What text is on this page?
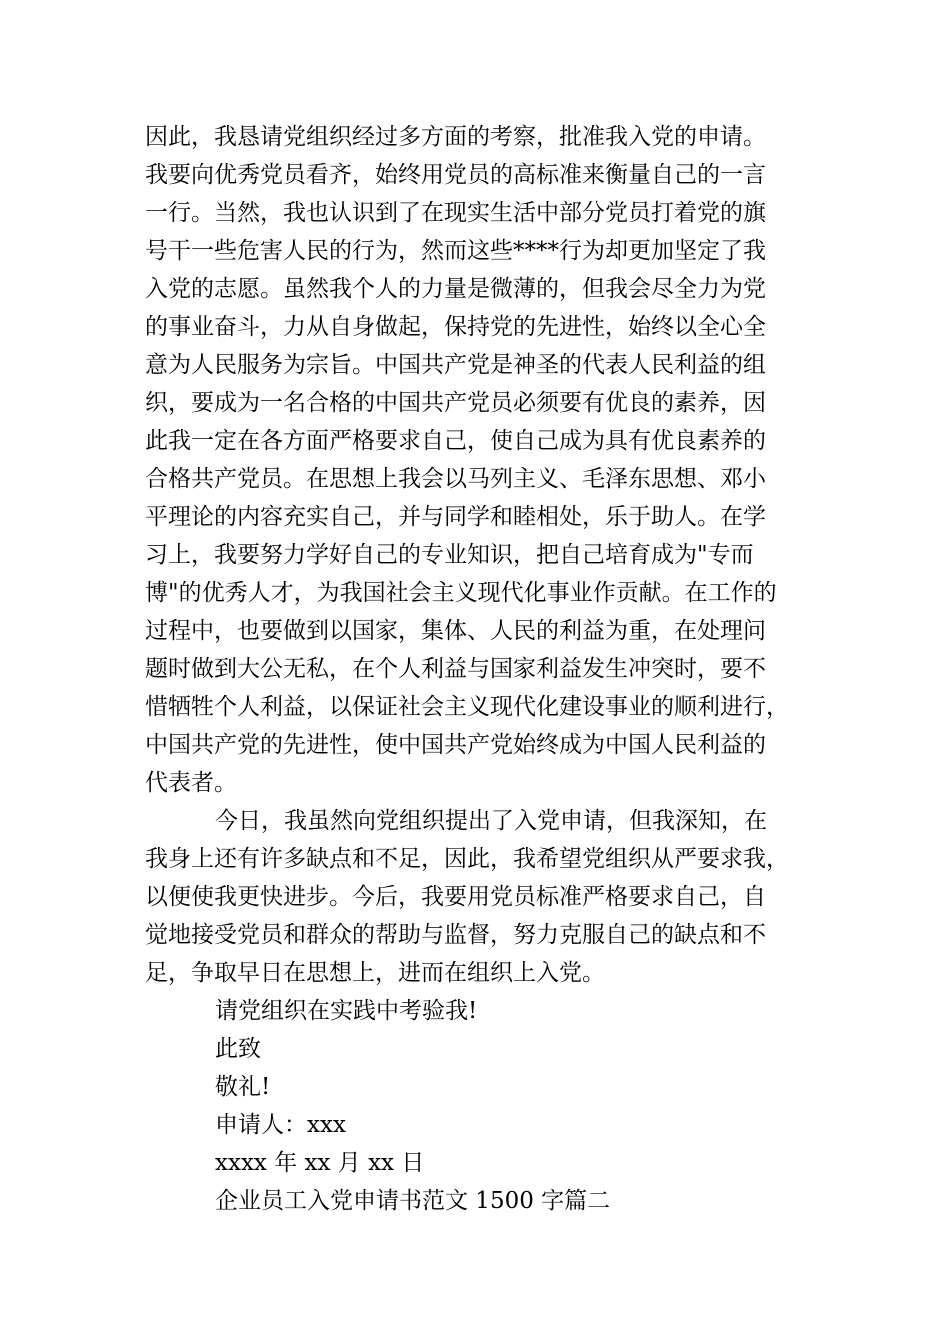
因此，我恳请党组织经过多方面的考察，批准我入党的申请。
我要向优秀党员看齐，始终用党员的高标准来衡量自己的一言
一行。当然，我也认识到了在现实生活中部分党员打着党的旗
号干一些危害人民的行为，然而这些****行为却更加坚定了我
入党的志愿。虽然我个人的力量是微薄的，但我会尽全力为党
的事业奋斗，力从自身做起，保持党的先进性，始终以全心全
意为人民服务为宗旨。中国共产党是神圣的代表人民利益的组
织，要成为一名合格的中国共产党员必须要有优良的素养，因
此我一定在各方面严格要求自己，使自己成为具有优良素养的
合格共产党员。在思想上我会以马列主义、毛泽东思想、邓小
平理论的内容充实自己，并与同学和睦相处，乐于助人。在学
习上，我要努力学好自己的专业知识，把自己培育成为"专而
博"的优秀人才，为我国社会主义现代化事业作贡献。在工作的
过程中，也要做到以国家，集体、人民的利益为重，在处理问
题时做到大公无私，在个人利益与国家利益发生冲突时，要不
惜牺牲个人利益，以保证社会主义现代化建设事业的顺利进行，
中国共产党的先进性，使中国共产党始终成为中国人民利益的
代表者。
今日，我虽然向党组织提出了入党申请，但我深知，在
我身上还有许多缺点和不足，因此，我希望党组织从严要求我，
以便使我更快进步。今后，我要用党员标准严格要求自己，自
觉地接受党员和群众的帮助与监督，努力克服自己的缺点和不
足，争取早日在思想上，进而在组织上入党。
请党组织在实践中考验我!
此致
敬礼!
申请人：xxx
xxxx 年 xx 月 xx 日
企业员工入党申请书范文 1500 字篇二
